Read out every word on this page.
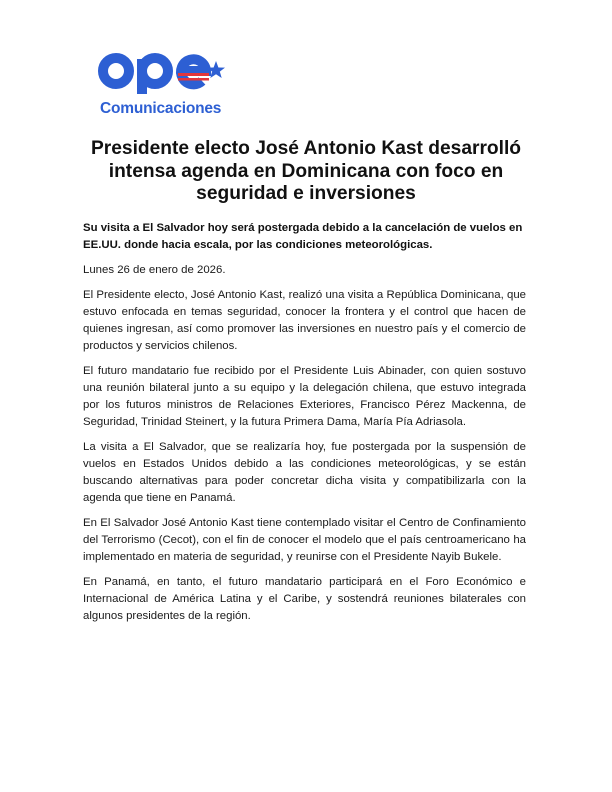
Comunicaciones
Presidente electo José Antonio Kast desarrolló intensa agenda en Dominicana con foco en seguridad e inversiones

Su visita a El Salvador hoy será postergada debido a la cancelación de vuelos en EE.UU. donde hacia escala, por las condiciones meteorológicas.

Lunes 26 de enero de 2026.

El Presidente electo, José Antonio Kast, realizó una visita a República Dominicana, que estuvo enfocada en temas seguridad, conocer la frontera y el control que hacen de quienes ingresan, así como promover las inversiones en nuestro país y el comercio de productos y servicios chilenos.

El futuro mandatario fue recibido por el Presidente Luis Abinader, con quien sostuvo una reunión bilateral junto a su equipo y la delegación chilena, que estuvo integrada por los futuros ministros de Relaciones Exteriores, Francisco Pérez Mackenna, de Seguridad, Trinidad Steinert, y la futura Primera Dama, María Pía Adriasola.

La visita a El Salvador, que se realizaría hoy, fue postergada por la suspensión de vuelos en Estados Unidos debido a las condiciones meteorológicas, y se están buscando alternativas para poder concretar dicha visita y compatibilizarla con la agenda que tiene en Panamá.

En El Salvador José Antonio Kast tiene contemplado visitar el Centro de Confinamiento del Terrorismo (Cecot), con el fin de conocer el modelo que el país centroamericano ha implementado en materia de seguridad, y reunirse con el Presidente Nayib Bukele.

En Panamá, en tanto, el futuro mandatario participará en el Foro Económico e Internacional de América Latina y el Caribe, y sostendrá reuniones bilaterales con algunos presidentes de la región.
